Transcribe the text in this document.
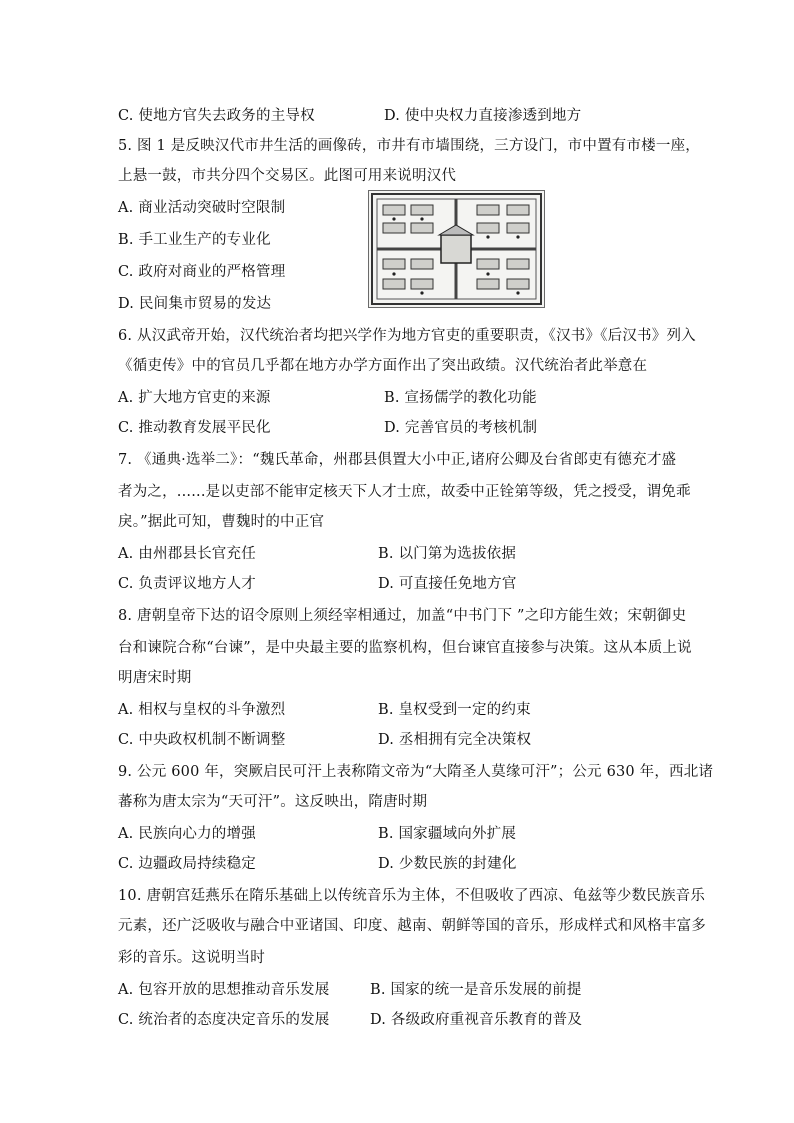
C. 使地方官失去政务的主导权	D. 使中央权力直接渗透到地方
5. 图 1 是反映汉代市井生活的画像砖，市井有市墙围绕，三方设门，市中置有市楼一座，
上悬一鼓，市共分四个交易区。此图可用来说明汉代
A. 商业活动突破时空限制
B. 手工业生产的专业化
C. 政府对商业的严格管理
D. 民间集市贸易的发达
6. 从汉武帝开始，汉代统治者均把兴学作为地方官吏的重要职责，《汉书》《后汉书》列入
《循吏传》中的官员几乎都在地方办学方面作出了突出政绩。汉代统治者此举意在
A. 扩大地方官吏的来源	B. 宣扬儒学的教化功能
C. 推动教育发展平民化	D. 完善官员的考核机制
7. 《通典·选举二》：“魏氏革命，州郡县俱置大小中正,诸府公卿及台省郎吏有德充才盛
者为之，......是以吏部不能审定核天下人才士庶，故委中正铨第等级，凭之授受，谓免乖
戾。”据此可知，曹魏时的中正官
A. 由州郡县长官充任	B. 以门第为选拔依据
C. 负责评议地方人才	D. 可直接任免地方官
8. 唐朝皇帝下达的诏令原则上须经宰相通过，加盖“中书门下 ”之印方能生效；宋朝御史
台和谏院合称“台谏”，是中央最主要的监察机构，但台谏官直接参与决策。这从本质上说
明唐宋时期
A. 相权与皇权的斗争激烈	B. 皇权受到一定的约束
C. 中央政权机制不断调整	D. 丞相拥有完全决策权
9. 公元 600 年，突厥启民可汗上表称隋文帝为“大隋圣人莫缘可汗”；公元 630 年，西北诸
蕃称为唐太宗为“天可汗”。这反映出，隋唐时期
A. 民族向心力的增强	B. 国家疆域向外扩展
C. 边疆政局持续稳定	D. 少数民族的封建化
10. 唐朝宫廷燕乐在隋乐基础上以传统音乐为主体，不但吸收了西凉、龟兹等少数民族音乐
元素，还广泛吸收与融合中亚诸国、印度、越南、朝鲜等国的音乐，形成样式和风格丰富多
彩的音乐。这说明当时
A. 包容开放的思想推动音乐发展	B. 国家的统一是音乐发展的前提
C. 统治者的态度决定音乐的发展	D. 各级政府重视音乐教育的普及
